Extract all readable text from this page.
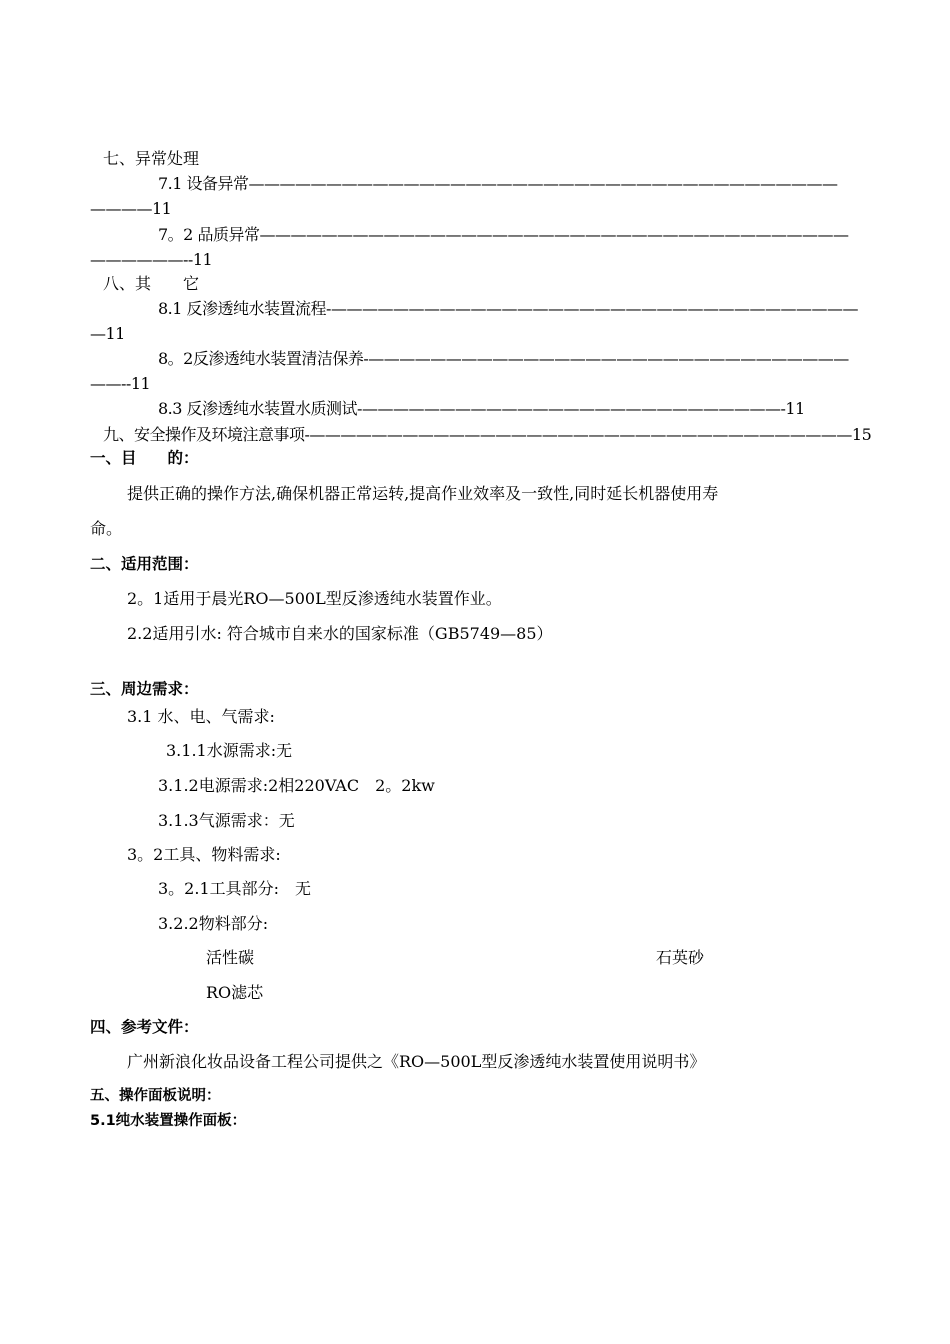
七、异常处理
7.1 设备异常——————————————————————————————————————
————11
7。2 品质异常——————————————————————————————————————
——————--11
八、其　　它
8.1 反渗透纯水装置流程-——————————————————————————————————
—11
8。2反渗透纯水装置清洁保养-———————————————————————————————
——--11
8.3 反渗透纯水装置水质测试-———————————————————————————-11
九、安全操作及环境注意事项-———————————————————————————————————15
一、目　　的：
提供正确的操作方法,确保机器正常运转,提高作业效率及一致性,同时延长机器使用寿
命。
二、适用范围：
2。1适用于晨光RO—500L型反渗透纯水装置作业。
2.2适用引水: 符合城市自来水的国家标准（GB5749—85）
三、周边需求：
3.1 水、电、气需求:
3.1.1水源需求:无
3.1.2电源需求:2相220VAC　2。2kw
3.1.3气源需求：无
3。2工具、物料需求:
3。2.1工具部分:　无
3.2.2物料部分:
活性碳	石英砂
RO滤芯
四、参考文件：
广州新浪化妆品设备工程公司提供之《RO—500L型反渗透纯水装置使用说明书》
五、操作面板说明：
5.1纯水装置操作面板：
